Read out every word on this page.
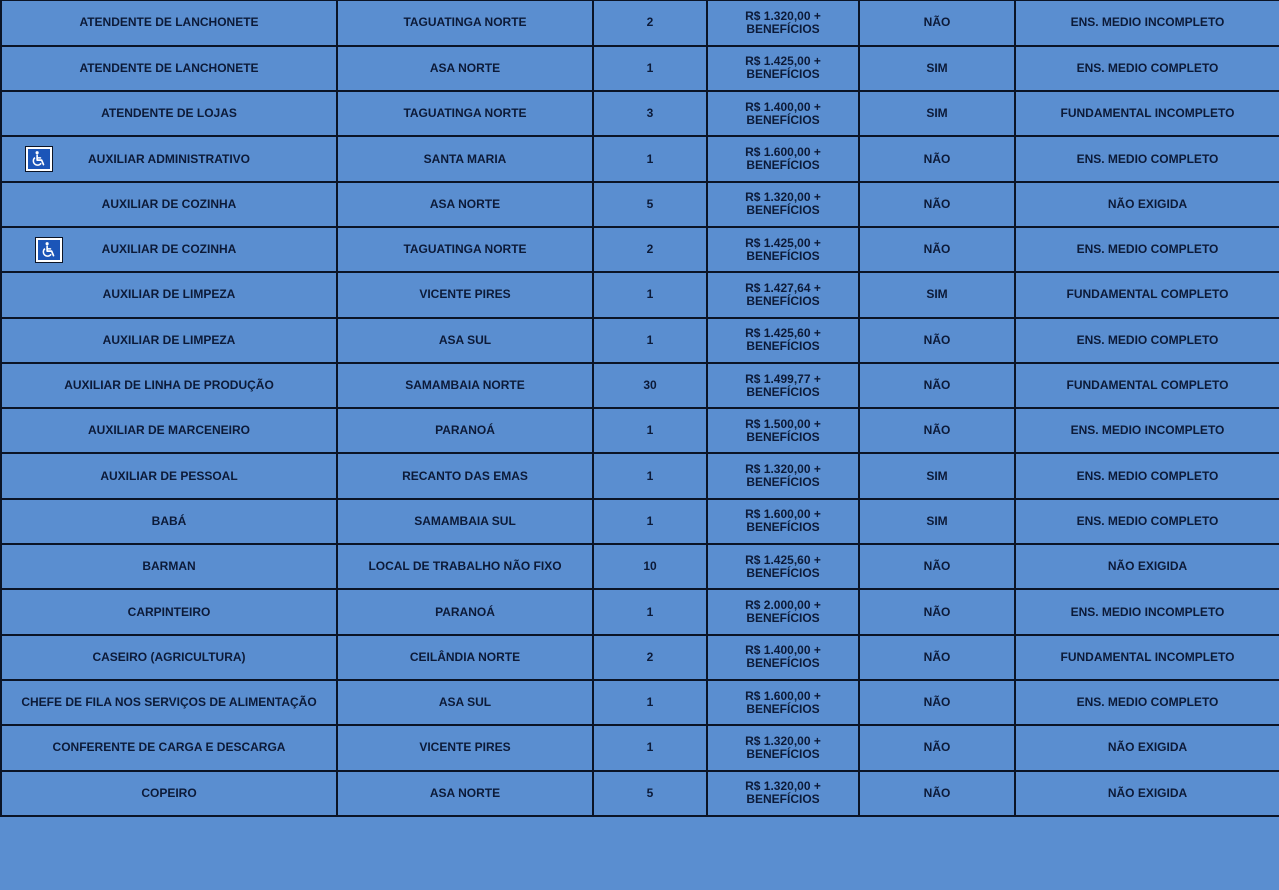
ATENDENTE DE LANCHONETE	TAGUATINGA NORTE	2	R$ 1.320,00 +
BENEFÍCIOS	NÃO	ENS. MEDIO INCOMPLETO
ATENDENTE DE LANCHONETE	ASA NORTE	1	R$ 1.425,00 +
BENEFÍCIOS	SIM	ENS. MEDIO COMPLETO
ATENDENTE DE LOJAS	TAGUATINGA NORTE	3	R$ 1.400,00 +
BENEFÍCIOS	SIM	FUNDAMENTAL INCOMPLETO
AUXILIAR ADMINISTRATIVO	SANTA MARIA	1	R$ 1.600,00 +
BENEFÍCIOS	NÃO	ENS. MEDIO COMPLETO
AUXILIAR DE COZINHA	ASA NORTE	5	R$ 1.320,00 +
BENEFÍCIOS	NÃO	NÃO EXIGIDA
AUXILIAR DE COZINHA	TAGUATINGA NORTE	2	R$ 1.425,00 +
BENEFÍCIOS	NÃO	ENS. MEDIO COMPLETO
AUXILIAR DE LIMPEZA	VICENTE PIRES	1	R$ 1.427,64 +
BENEFÍCIOS	SIM	FUNDAMENTAL COMPLETO
AUXILIAR DE LIMPEZA	ASA SUL	1	R$ 1.425,60 +
BENEFÍCIOS	NÃO	ENS. MEDIO COMPLETO
AUXILIAR DE LINHA DE PRODUÇÃO	SAMAMBAIA NORTE	30	R$ 1.499,77 +
BENEFÍCIOS	NÃO	FUNDAMENTAL COMPLETO
AUXILIAR DE MARCENEIRO	PARANOÁ	1	R$ 1.500,00 +
BENEFÍCIOS	NÃO	ENS. MEDIO INCOMPLETO
AUXILIAR DE PESSOAL	RECANTO DAS EMAS	1	R$ 1.320,00 +
BENEFÍCIOS	SIM	ENS. MEDIO COMPLETO
BABÁ	SAMAMBAIA SUL	1	R$ 1.600,00 +
BENEFÍCIOS	SIM	ENS. MEDIO COMPLETO
BARMAN	LOCAL DE TRABALHO NÃO FIXO	10	R$ 1.425,60 +
BENEFÍCIOS	NÃO	NÃO EXIGIDA
CARPINTEIRO	PARANOÁ	1	R$ 2.000,00 +
BENEFÍCIOS	NÃO	ENS. MEDIO INCOMPLETO
CASEIRO (AGRICULTURA)	CEILÂNDIA NORTE	2	R$ 1.400,00 +
BENEFÍCIOS	NÃO	FUNDAMENTAL INCOMPLETO
CHEFE DE FILA NOS SERVIÇOS DE ALIMENTAÇÃO	ASA SUL	1	R$ 1.600,00 +
BENEFÍCIOS	NÃO	ENS. MEDIO COMPLETO
CONFERENTE DE CARGA E DESCARGA	VICENTE PIRES	1	R$ 1.320,00 +
BENEFÍCIOS	NÃO	NÃO EXIGIDA
COPEIRO	ASA NORTE	5	R$ 1.320,00 +
BENEFÍCIOS	NÃO	NÃO EXIGIDA
